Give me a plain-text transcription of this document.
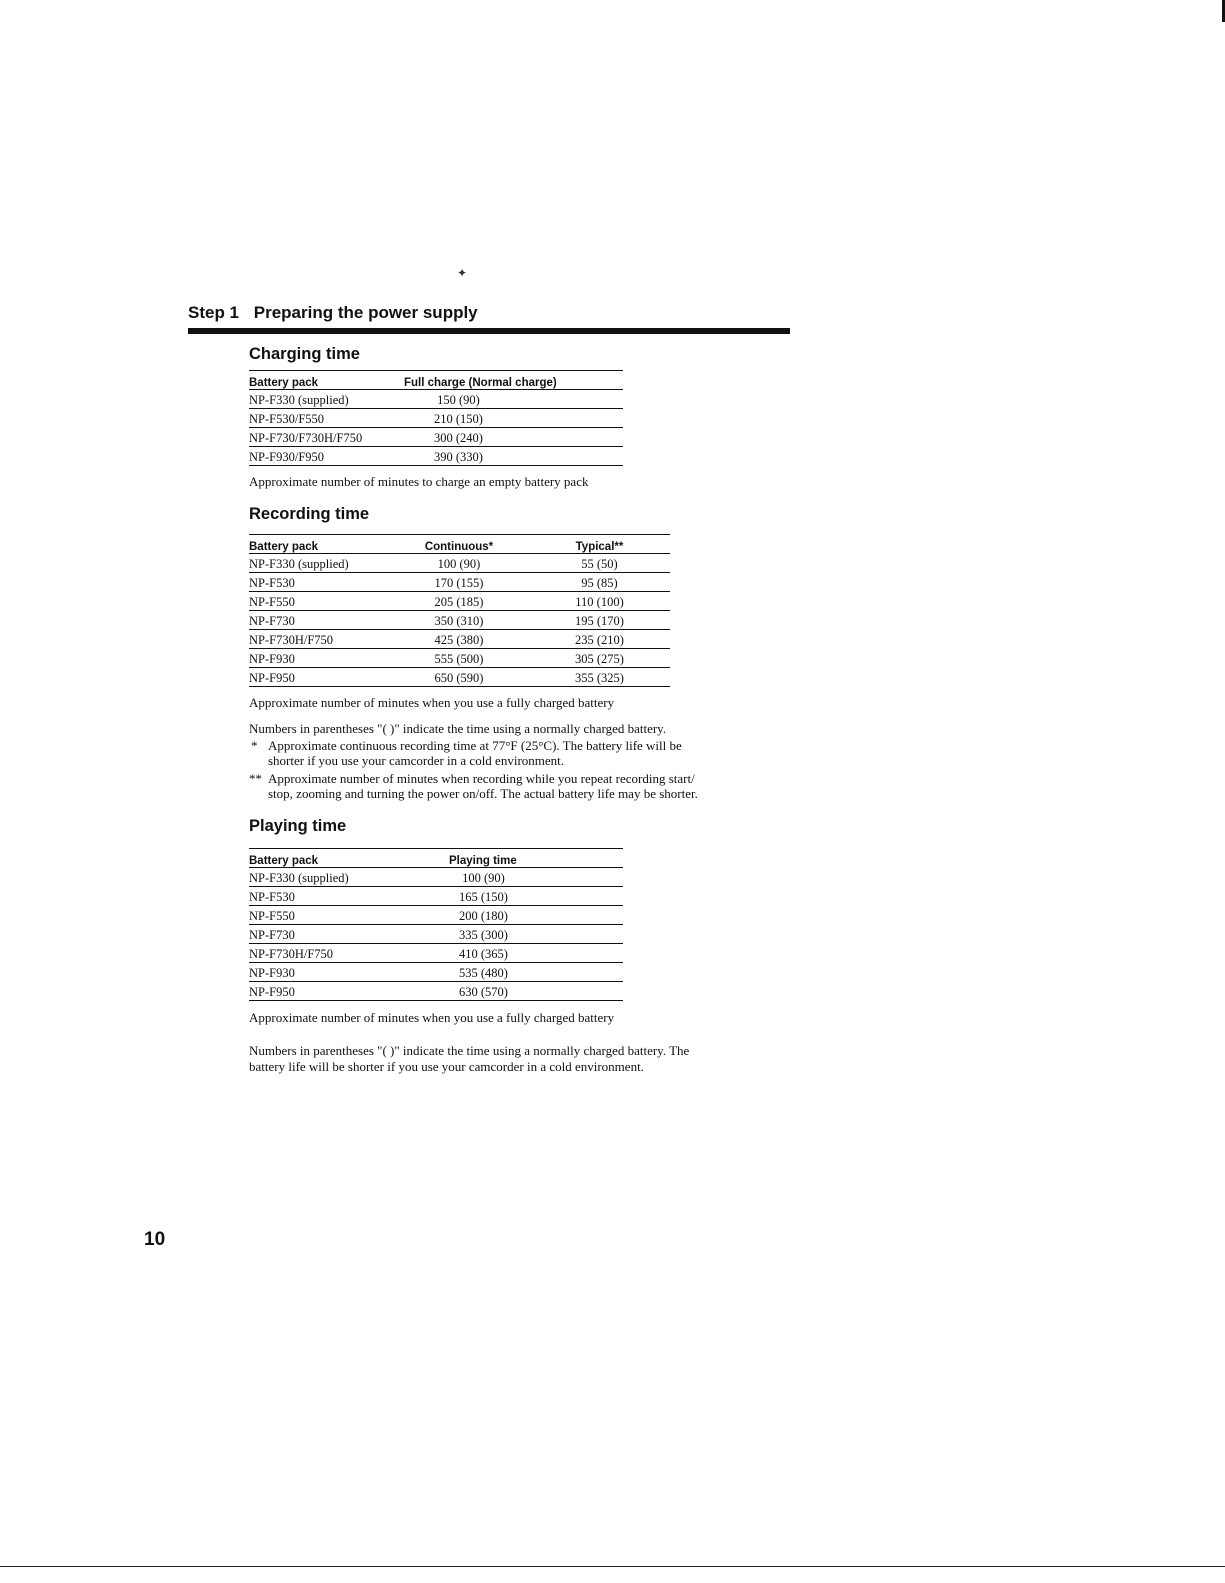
✦
Step 1 Preparing the power supply
Charging time
Battery pack	Full charge (Normal charge)
NP-F330 (supplied)	150 (90)
NP-F530/F550	210 (150)
NP-F730/F730H/F750	300 (240)
NP-F930/F950	390 (330)
Approximate number of minutes to charge an empty battery pack
Recording time
Battery pack	Continuous*	Typical**
NP-F330 (supplied)	100 (90)	55 (50)
NP-F530	170 (155)	95 (85)
NP-F550	205 (185)	110 (100)
NP-F730	350 (310)	195 (170)
NP-F730H/F750	425 (380)	235 (210)
NP-F930	555 (500)	305 (275)
NP-F950	650 (590)	355 (325)
Approximate number of minutes when you use a fully charged battery
Numbers in parentheses "( )" indicate the time using a normally charged battery.
* Approximate continuous recording time at 77°F (25°C). The battery life will be
shorter if you use your camcorder in a cold environment.
** Approximate number of minutes when recording while you repeat recording start/
stop, zooming and turning the power on/off. The actual battery life may be shorter.
Playing time
Battery pack	Playing time
NP-F330 (supplied)	100 (90)
NP-F530	165 (150)
NP-F550	200 (180)
NP-F730	335 (300)
NP-F730H/F750	410 (365)
NP-F930	535 (480)
NP-F950	630 (570)
Approximate number of minutes when you use a fully charged battery
Numbers in parentheses "( )" indicate the time using a normally charged battery. The
battery life will be shorter if you use your camcorder in a cold environment.
10
